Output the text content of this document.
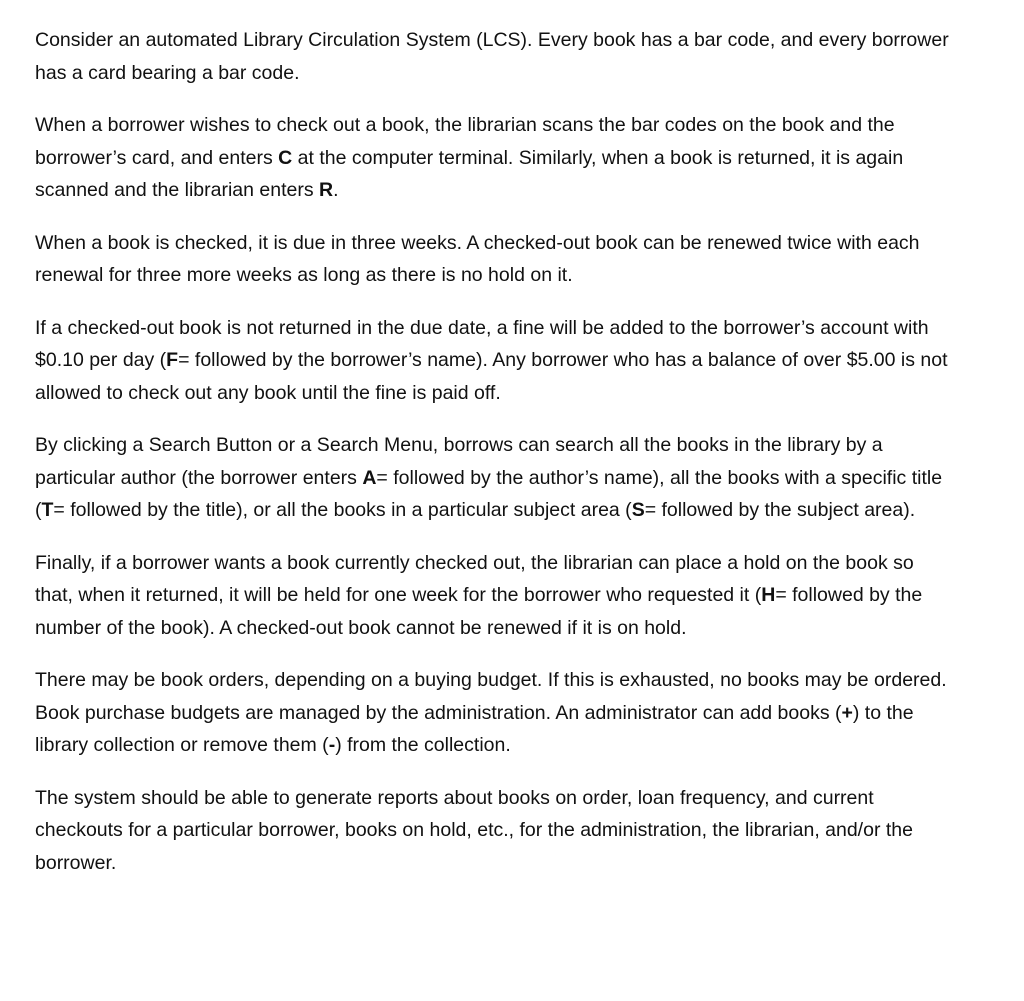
Consider an automated Library Circulation System (LCS). Every book has a bar code, and every borrower has a card bearing a bar code.

When a borrower wishes to check out a book, the librarian scans the bar codes on the book and the borrower’s card, and enters C at the computer terminal. Similarly, when a book is returned, it is again scanned and the librarian enters R.

When a book is checked, it is due in three weeks. A checked-out book can be renewed twice with each renewal for three more weeks as long as there is no hold on it.

If a checked-out book is not returned in the due date, a fine will be added to the borrower’s account with $0.10 per day (F= followed by the borrower’s name). Any borrower who has a balance of over $5.00 is not allowed to check out any book until the fine is paid off.

By clicking a Search Button or a Search Menu, borrows can search all the books in the library by a particular author (the borrower enters A= followed by the author’s name), all the books with a specific title (T= followed by the title), or all the books in a particular subject area (S= followed by the subject area).

Finally, if a borrower wants a book currently checked out, the librarian can place a hold on the book so that, when it returned, it will be held for one week for the borrower who requested it (H= followed by the number of the book). A checked-out book cannot be renewed if it is on hold.

There may be book orders, depending on a buying budget. If this is exhausted, no books may be ordered. Book purchase budgets are managed by the administration. An administrator can add books (+) to the library collection or remove them (-) from the collection.

The system should be able to generate reports about books on order, loan frequency, and current checkouts for a particular borrower, books on hold, etc., for the administration, the librarian, and/or the borrower.
